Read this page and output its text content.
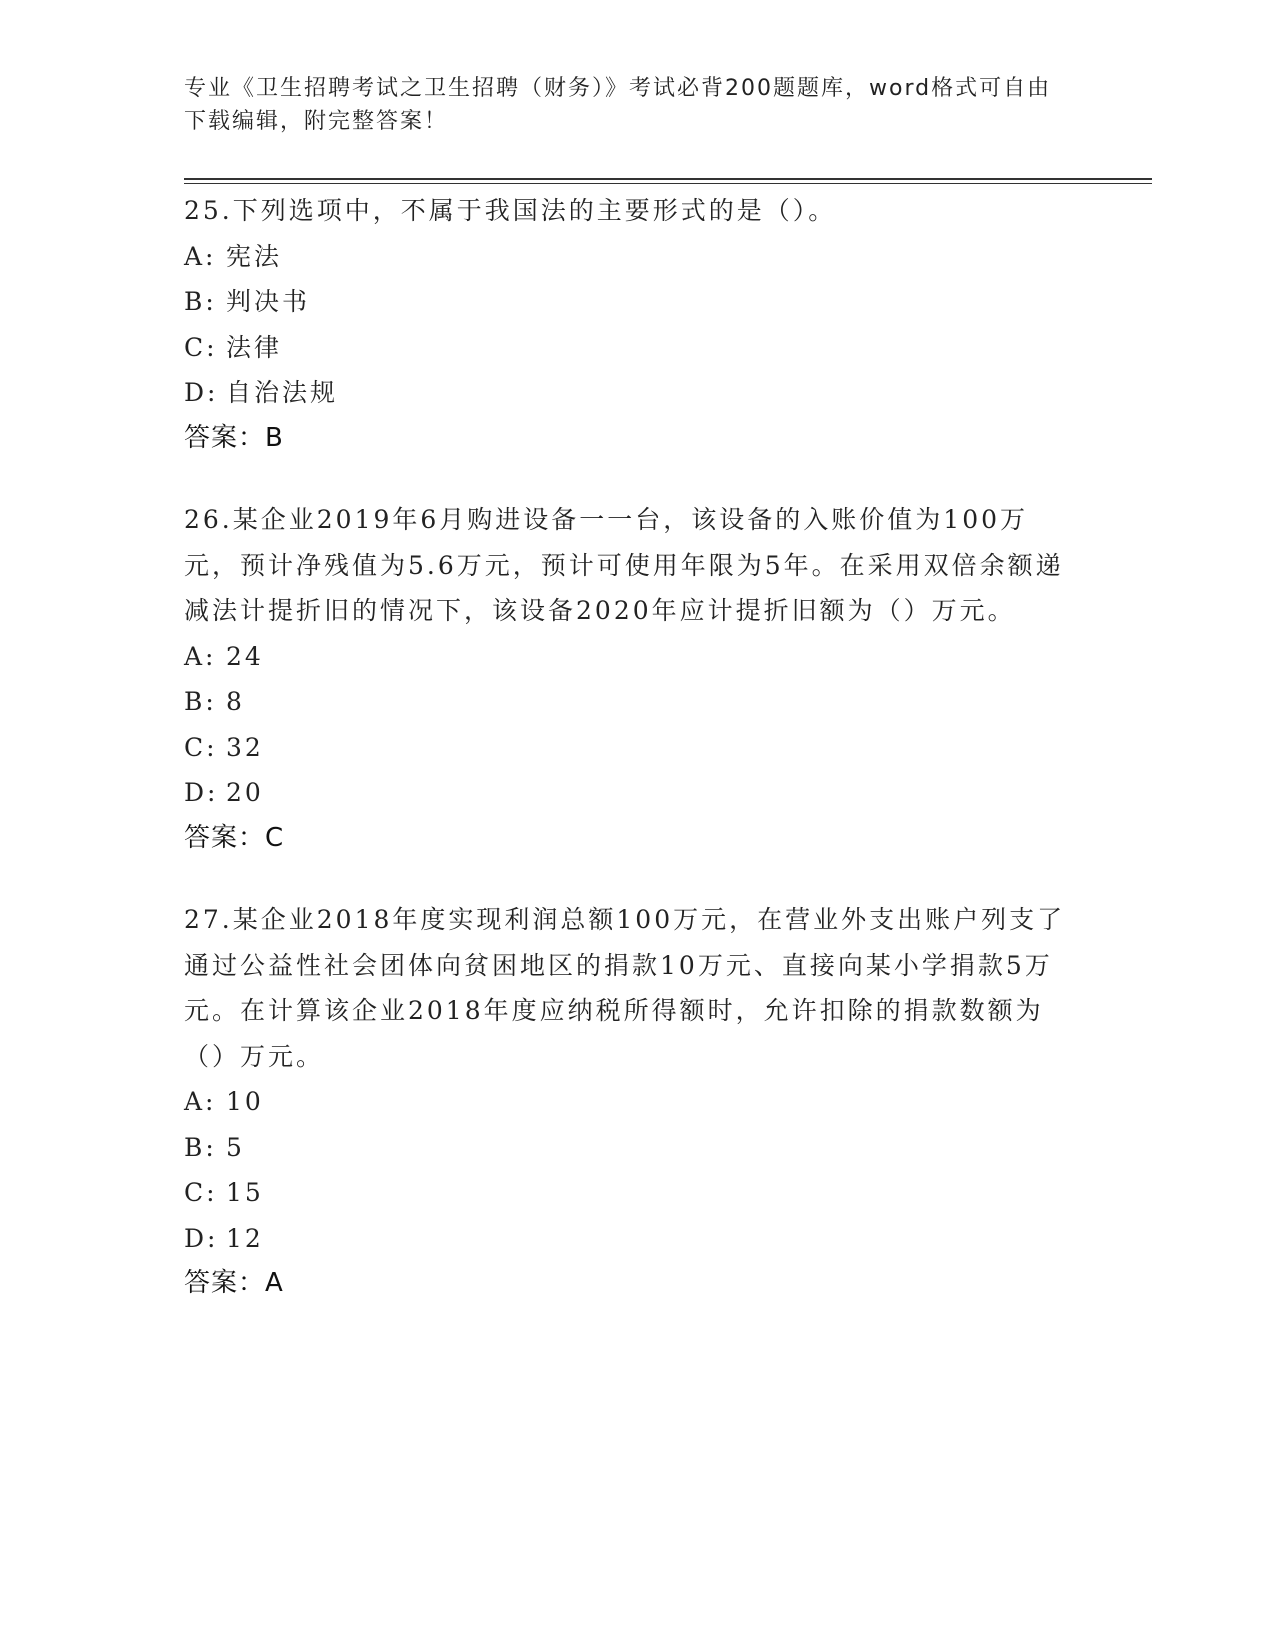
专业《卫生招聘考试之卫生招聘（财务）》考试必背200题题库，word格式可自由下载编辑，附完整答案！

25.下列选项中，不属于我国法的主要形式的是（）。

A: 宪法

B: 判决书

C: 法律

D: 自治法规

答案：B

26.某企业2019年6月购进设备一一台，该设备的入账价值为100万元，预计净残值为5.6万元，预计可使用年限为5年。在采用双倍余额递减法计提折旧的情况下，该设备2020年应计提折旧额为（）万元。

A: 24

B: 8

C: 32

D: 20

答案：C

27.某企业2018年度实现利润总额100万元，在营业外支出账户列支了通过公益性社会团体向贫困地区的捐款10万元、直接向某小学捐款5万元。在计算该企业2018年度应纳税所得额时，允许扣除的捐款数额为（）万元。

A: 10

B: 5

C: 15

D: 12

答案：A
